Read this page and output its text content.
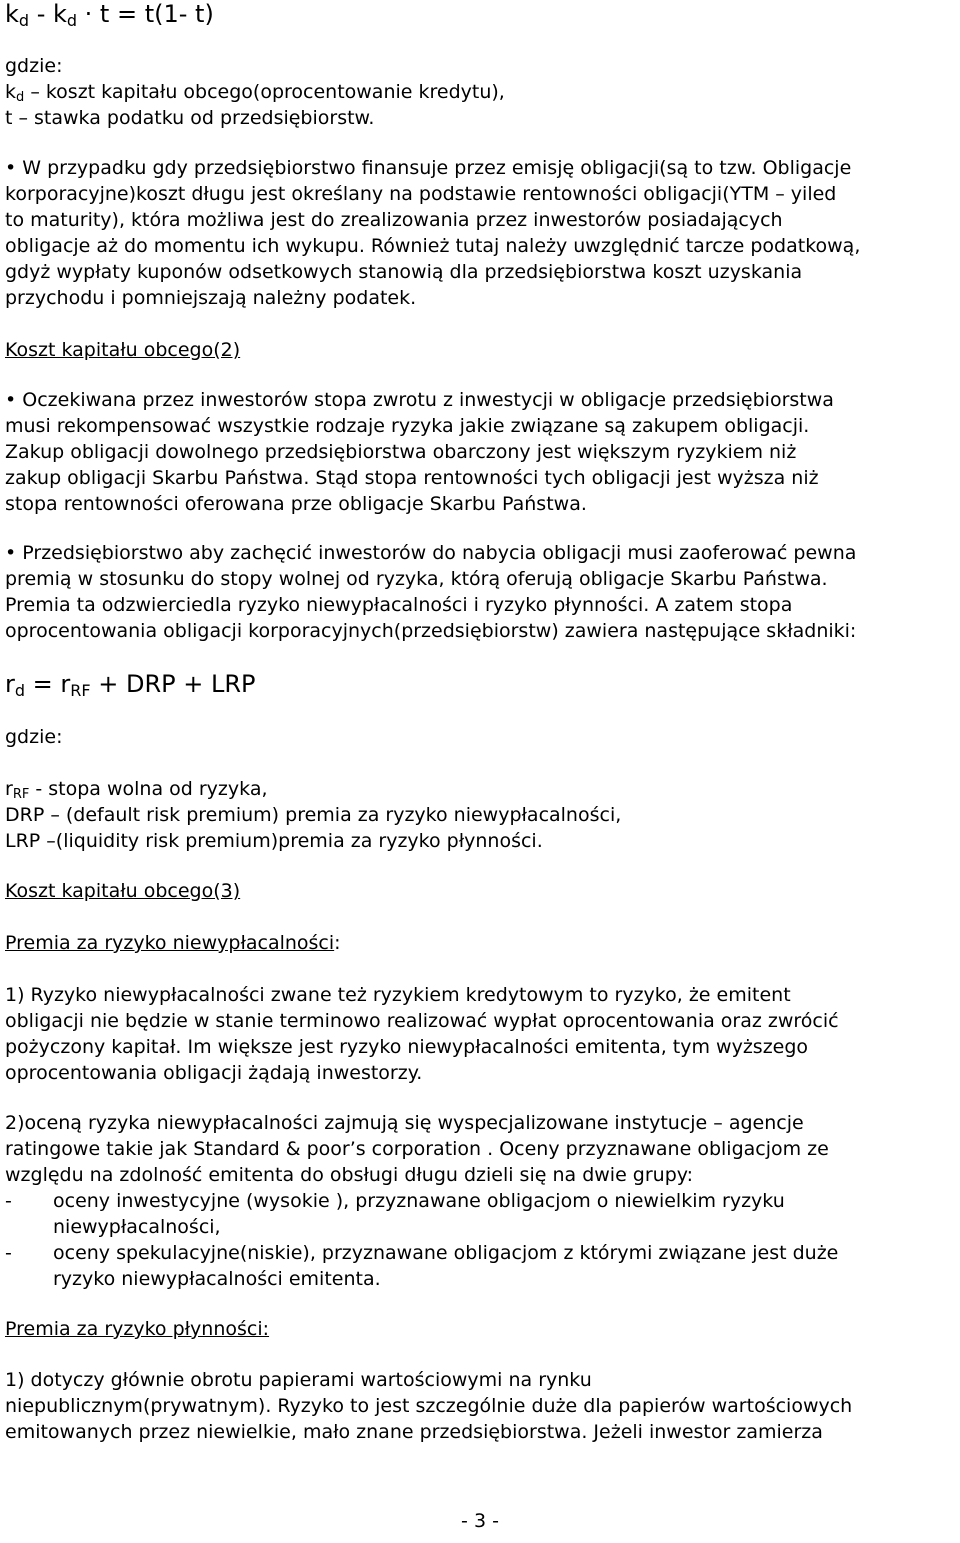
kd - kd · t = t(1- t)
gdzie:
$k_d$ – koszt kapitału obcego(oprocentowanie kredytu),
t – stawka podatku od przedsiębiorstw.
• W przypadku gdy przedsiębiorstwo finansuje przez emisję obligacji(są to tzw. Obligacje
korporacyjne)koszt długu jest określany na podstawie rentowności obligacji(YTM – yiled
to maturity), która możliwa jest do zrealizowania przez inwestorów posiadających
obligacje aż do momentu ich wykupu. Również tutaj należy uwzględnić tarcze podatkową,
gdyż wypłaty kuponów odsetkowych stanowią dla przedsiębiorstwa koszt uzyskania
przychodu i pomniejszają należny podatek.
Koszt kapitału obcego(2)
• Oczekiwana przez inwestorów stopa zwrotu z inwestycji w obligacje przedsiębiorstwa
musi rekompensować wszystkie rodzaje ryzyka jakie związane są zakupem obligacji.
Zakup obligacji dowolnego przedsiębiorstwa obarczony jest większym ryzykiem niż
zakup obligacji Skarbu Państwa. Stąd stopa rentowności tych obligacji jest wyższa niż
stopa rentowności oferowana prze obligacje Skarbu Państwa.
• Przedsiębiorstwo aby zachęcić inwestorów do nabycia obligacji musi zaoferować pewna
premią w stosunku do stopy wolnej od ryzyka, którą oferują obligacje Skarbu Państwa.
Premia ta odzwierciedla ryzyko niewypłacalności i ryzyko płynności. A zatem stopa
oprocentowania obligacji korporacyjnych(przedsiębiorstw) zawiera następujące składniki:
rd = rRF + DRP + LRP
gdzie:
$r_{RF}$ - stopa wolna od ryzyka,
DRP – (default risk premium) premia za ryzyko niewypłacalności,
LRP –(liquidity risk premium)premia za ryzyko płynności.
Koszt kapitału obcego(3)
Premia za ryzyko niewypłacalności:
1) Ryzyko niewypłacalności zwane też ryzykiem kredytowym to ryzyko, że emitent
obligacji nie będzie w stanie terminowo realizować wypłat oprocentowania oraz zwrócić
pożyczony kapitał. Im większe jest ryzyko niewypłacalności emitenta, tym wyższego
oprocentowania obligacji żądają inwestorzy.
2)oceną ryzyka niewypłacalności zajmują się wyspecjalizowane instytucje – agencje
ratingowe takie jak Standard & poor’s corporation . Oceny przyznawane obligacjom ze
względu na zdolność emitenta do obsługi długu dzieli się na dwie grupy:
- oceny inwestycyjne (wysokie ), przyznawane obligacjom o niewielkim ryzyku
niewypłacalności,
- oceny spekulacyjne(niskie), przyznawane obligacjom z którymi związane jest duże
ryzyko niewypłacalności emitenta.
Premia za ryzyko płynności:
1) dotyczy głównie obrotu papierami wartościowymi na rynku
niepublicznym(prywatnym). Ryzyko to jest szczególnie duże dla papierów wartościowych
emitowanych przez niewielkie, mało znane przedsiębiorstwa. Jeżeli inwestor zamierza
- 3 -
